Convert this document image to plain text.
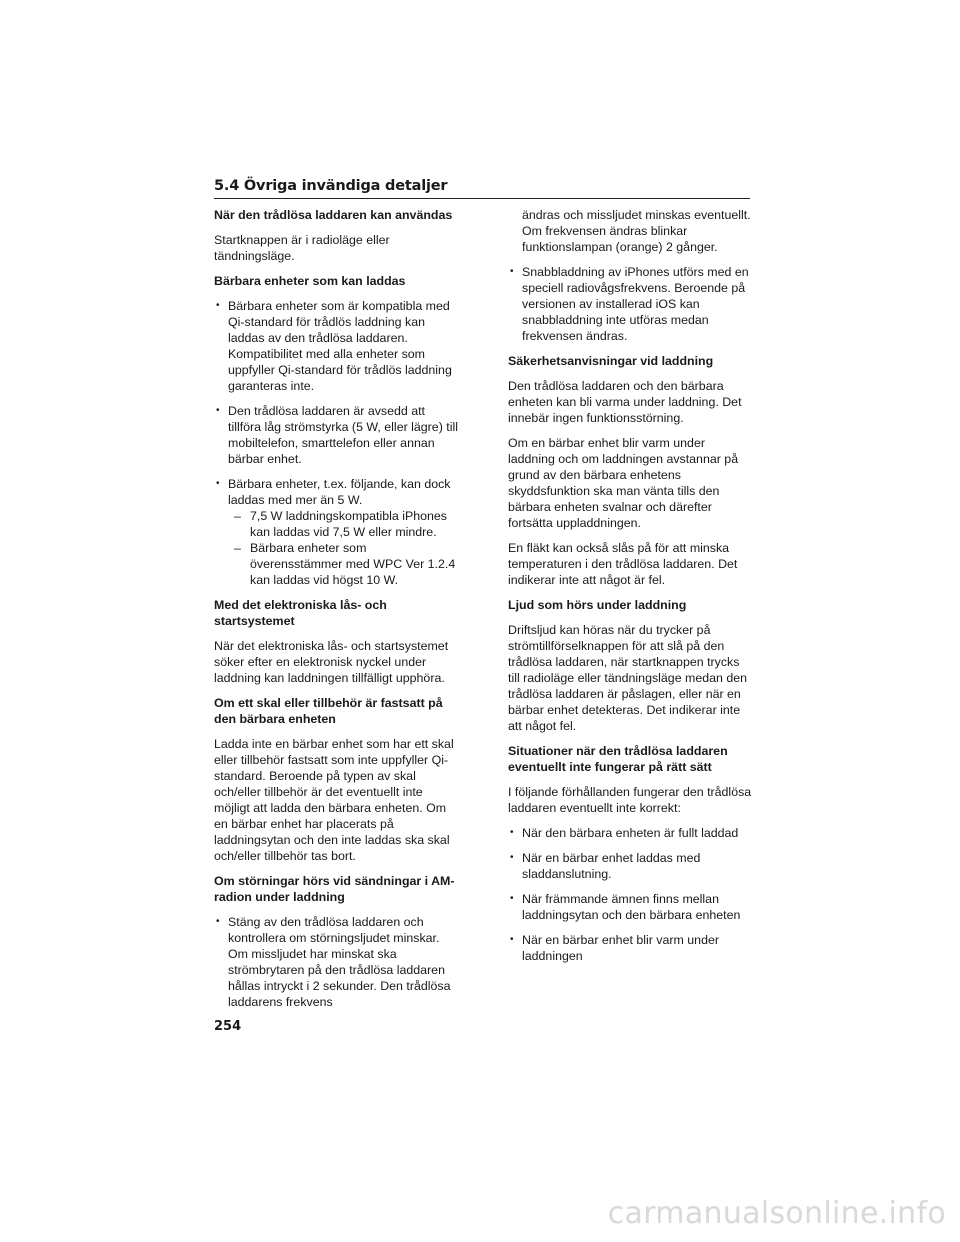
5.4 Övriga invändiga detaljer
När den trådlösa laddaren kan användas
Startknappen är i radioläge eller tändningsläge.
Bärbara enheter som kan laddas
• Bärbara enheter som är kompatibla med Qi-standard för trådlös laddning kan laddas av den trådlösa laddaren. Kompatibilitet med alla enheter som uppfyller Qi-standard för trådlös laddning garanteras inte.
• Den trådlösa laddaren är avsedd att tillföra låg strömstyrka (5 W, eller lägre) till mobiltelefon, smarttelefon eller annan bärbar enhet.
• Bärbara enheter, t.ex. följande, kan dock laddas med mer än 5 W.
– 7,5 W laddningskompatibla iPhones kan laddas vid 7,5 W eller mindre.
– Bärbara enheter som överensstämmer med WPC Ver 1.2.4 kan laddas vid högst 10 W.
Med det elektroniska lås- och startsystemet
När det elektroniska lås- och startsystemet söker efter en elektronisk nyckel under laddning kan laddningen tillfälligt upphöra.
Om ett skal eller tillbehör är fastsatt på den bärbara enheten
Ladda inte en bärbar enhet som har ett skal eller tillbehör fastsatt som inte uppfyller Qi-standard. Beroende på typen av skal och/eller tillbehör är det eventuellt inte möjligt att ladda den bärbara enheten. Om en bärbar enhet har placerats på laddningsytan och den inte laddas ska skal och/eller tillbehör tas bort.
Om störningar hörs vid sändningar i AM-radion under laddning
• Stäng av den trådlösa laddaren och kontrollera om störningsljudet minskar. Om missljudet har minskat ska strömbrytaren på den trådlösa laddaren hållas intryckt i 2 sekunder. Den trådlösa laddarens frekvens
ändras och missljudet minskas eventuellt. Om frekvensen ändras blinkar funktionslampan (orange) 2 gånger.
• Snabbladdning av iPhones utförs med en speciell radiovågsfrekvens. Beroende på versionen av installerad iOS kan snabbladdning inte utföras medan frekvensen ändras.
Säkerhetsanvisningar vid laddning
Den trådlösa laddaren och den bärbara enheten kan bli varma under laddning. Det innebär ingen funktionsstörning.
Om en bärbar enhet blir varm under laddning och om laddningen avstannar på grund av den bärbara enhetens skyddsfunktion ska man vänta tills den bärbara enheten svalnar och därefter fortsätta uppladdningen.
En fläkt kan också slås på för att minska temperaturen i den trådlösa laddaren. Det indikerar inte att något är fel.
Ljud som hörs under laddning
Driftsljud kan höras när du trycker på strömtillförselknappen för att slå på den trådlösa laddaren, när startknappen trycks till radioläge eller tändningsläge medan den trådlösa laddaren är påslagen, eller när en bärbar enhet detekteras. Det indikerar inte att något fel.
Situationer när den trådlösa laddaren eventuellt inte fungerar på rätt sätt
I följande förhållanden fungerar den trådlösa laddaren eventuellt inte korrekt:
• När den bärbara enheten är fullt laddad
• När en bärbar enhet laddas med sladdanslutning.
• När främmande ämnen finns mellan laddningsytan och den bärbara enheten
• När en bärbar enhet blir varm under laddningen
254
carmanualsonline.info
